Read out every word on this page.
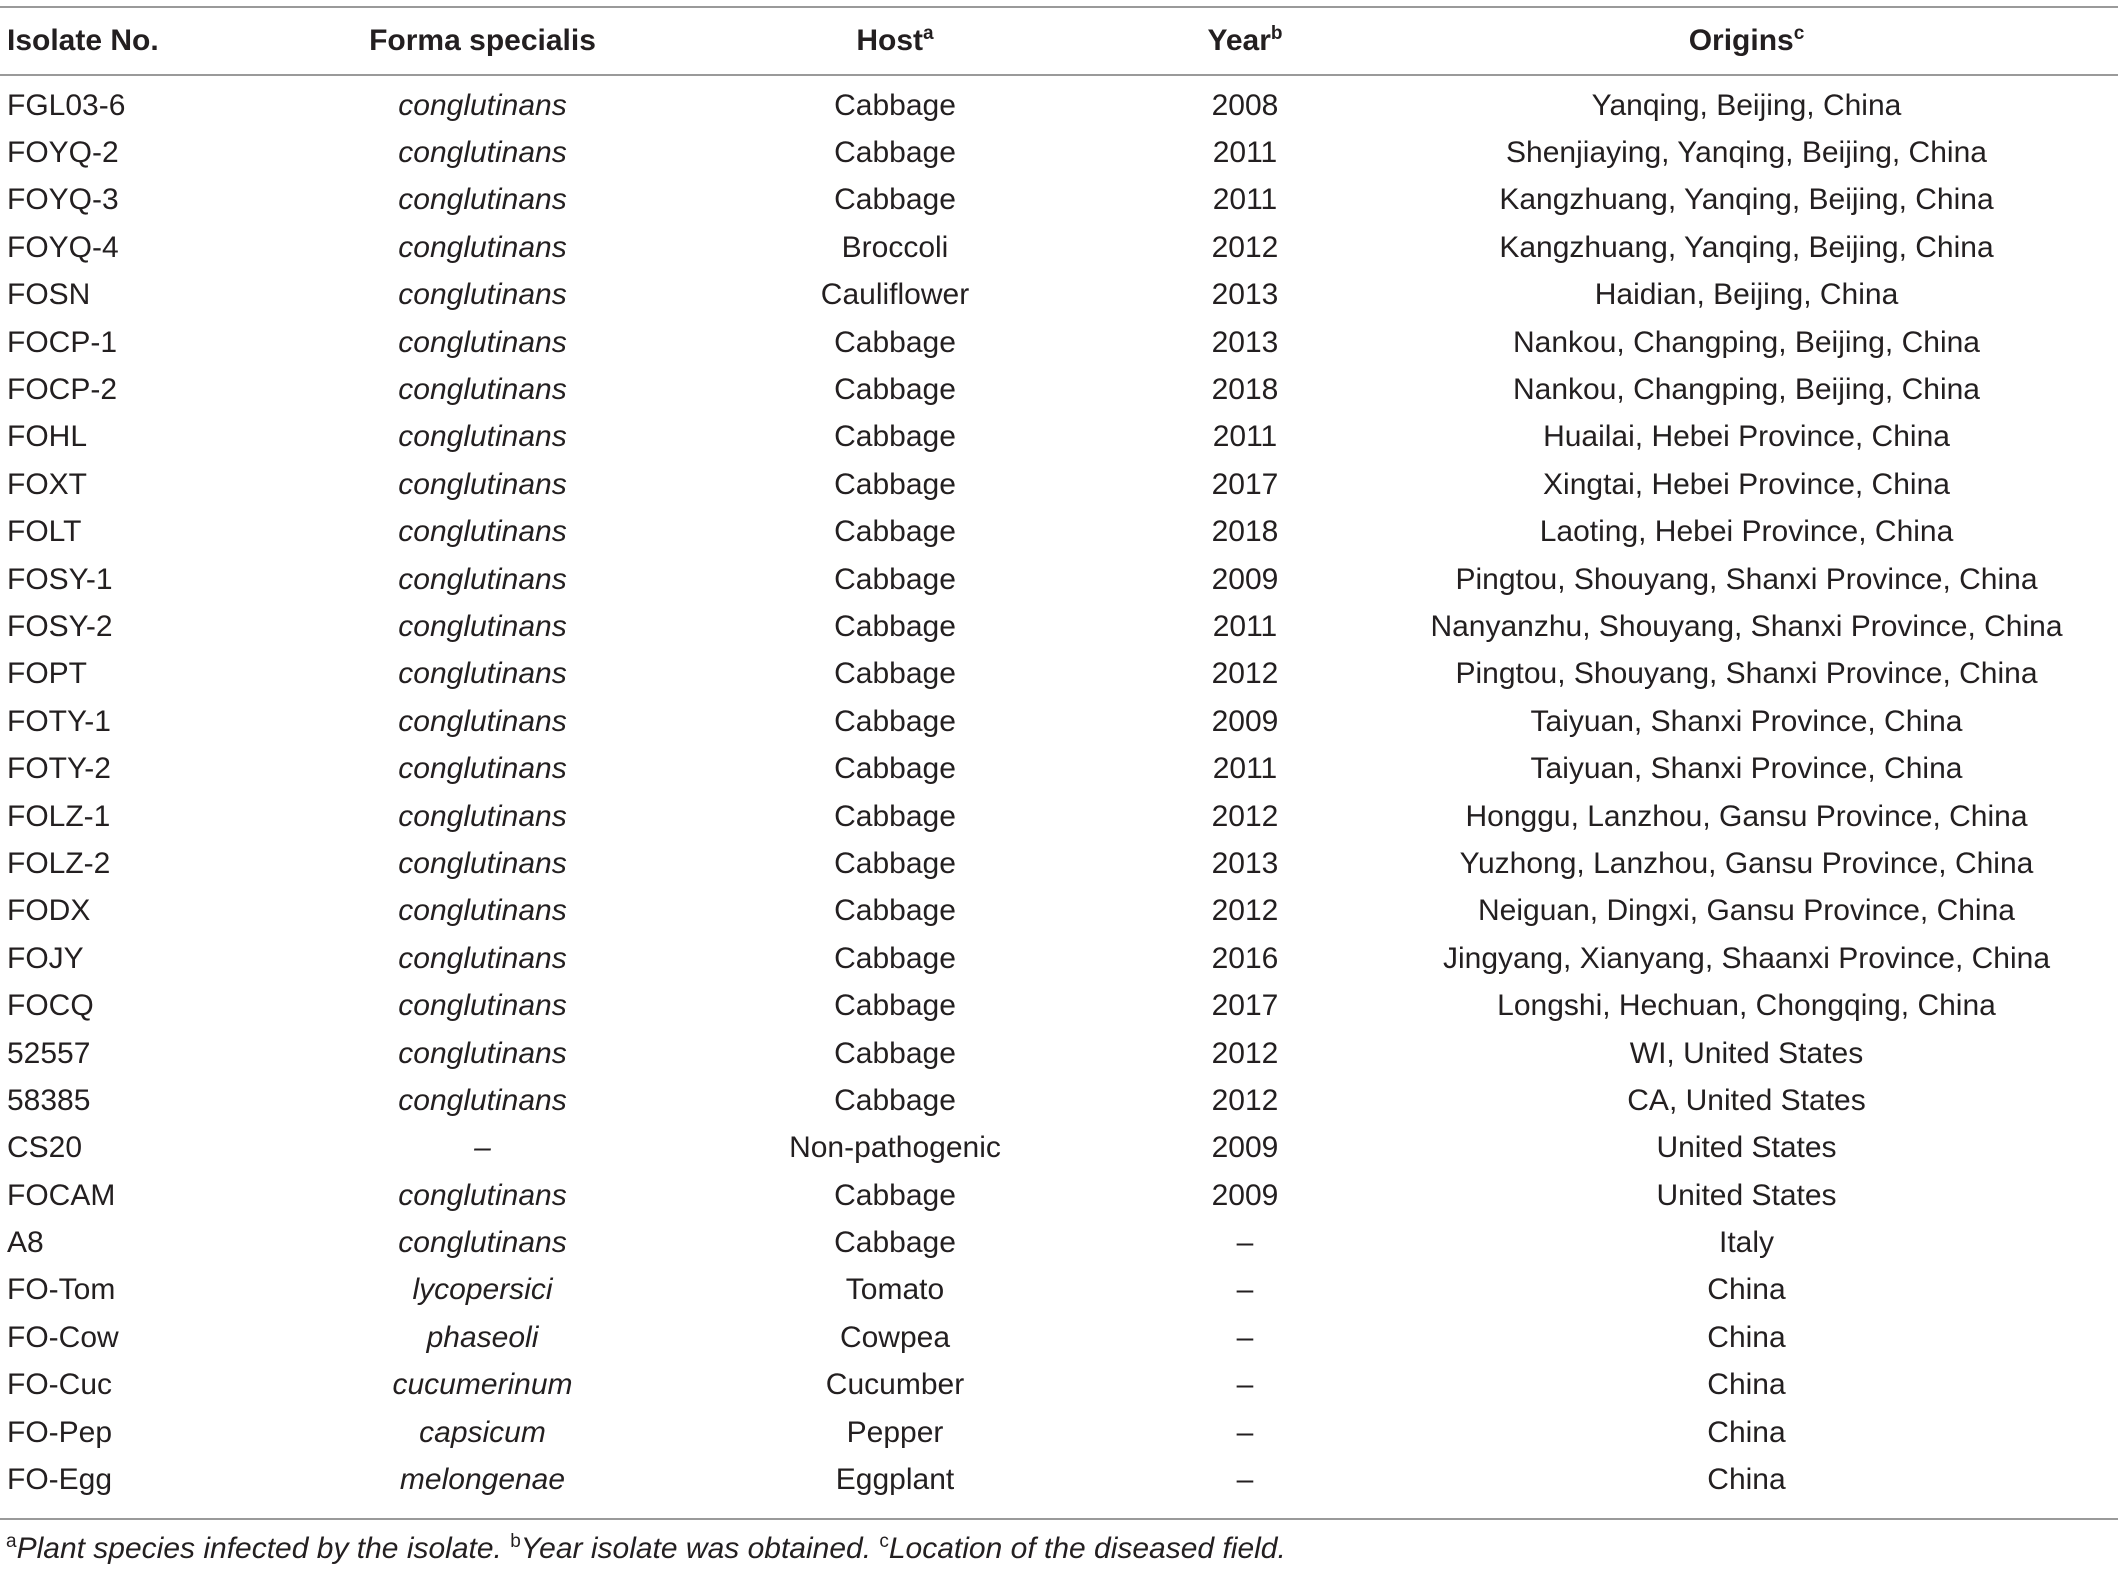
Isolate No.	Forma specialis	Host$^a$	Year$^b$	Origins$^c$
FGL03-6	conglutinans	Cabbage	2008	Yanqing, Beijing, China
FOYQ-2	conglutinans	Cabbage	2011	Shenjiaying, Yanqing, Beijing, China
FOYQ-3	conglutinans	Cabbage	2011	Kangzhuang, Yanqing, Beijing, China
FOYQ-4	conglutinans	Broccoli	2012	Kangzhuang, Yanqing, Beijing, China
FOSN	conglutinans	Cauliflower	2013	Haidian, Beijing, China
FOCP-1	conglutinans	Cabbage	2013	Nankou, Changping, Beijing, China
FOCP-2	conglutinans	Cabbage	2018	Nankou, Changping, Beijing, China
FOHL	conglutinans	Cabbage	2011	Huailai, Hebei Province, China
FOXT	conglutinans	Cabbage	2017	Xingtai, Hebei Province, China
FOLT	conglutinans	Cabbage	2018	Laoting, Hebei Province, China
FOSY-1	conglutinans	Cabbage	2009	Pingtou, Shouyang, Shanxi Province, China
FOSY-2	conglutinans	Cabbage	2011	Nanyanzhu, Shouyang, Shanxi Province, China
FOPT	conglutinans	Cabbage	2012	Pingtou, Shouyang, Shanxi Province, China
FOTY-1	conglutinans	Cabbage	2009	Taiyuan, Shanxi Province, China
FOTY-2	conglutinans	Cabbage	2011	Taiyuan, Shanxi Province, China
FOLZ-1	conglutinans	Cabbage	2012	Honggu, Lanzhou, Gansu Province, China
FOLZ-2	conglutinans	Cabbage	2013	Yuzhong, Lanzhou, Gansu Province, China
FODX	conglutinans	Cabbage	2012	Neiguan, Dingxi, Gansu Province, China
FOJY	conglutinans	Cabbage	2016	Jingyang, Xianyang, Shaanxi Province, China
FOCQ	conglutinans	Cabbage	2017	Longshi, Hechuan, Chongqing, China
52557	conglutinans	Cabbage	2012	WI, United States
58385	conglutinans	Cabbage	2012	CA, United States
CS20	–	Non-pathogenic	2009	United States
FOCAM	conglutinans	Cabbage	2009	United States
A8	conglutinans	Cabbage	–	Italy
FO-Tom	lycopersici	Tomato	–	China
FO-Cow	phaseoli	Cowpea	–	China
FO-Cuc	cucumerinum	Cucumber	–	China
FO-Pep	capsicum	Pepper	–	China
FO-Egg	melongenae	Eggplant	–	China
$^a$Plant species infected by the isolate. $^b$Year isolate was obtained. $^c$Location of the diseased field.
